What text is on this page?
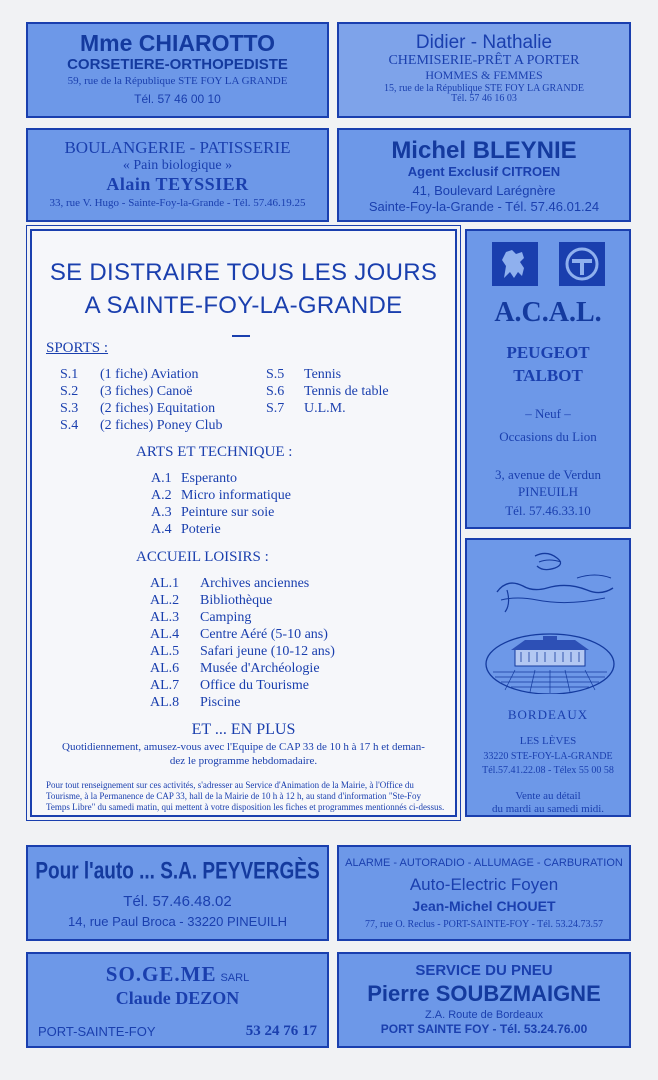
Mme CHIAROTTO
CORSETIERE-ORTHOPEDISTE
59, rue de la République STE FOY LA GRANDE
Tél. 57 46 00 10
Didier - Nathalie
CHEMISERIE-PRÊT A PORTER
HOMMES & FEMMES
15, rue de la République STE FOY LA GRANDE
Tél. 57 46 16 03
BOULANGERIE - PATISSERIE
« Pain biologique »
Alain TEYSSIER
33, rue V. Hugo - Sainte-Foy-la-Grande - Tél. 57.46.19.25
Michel BLEYNIE
Agent Exclusif CITROEN
41, Boulevard Larégnère
Sainte-Foy-la-Grande - Tél. 57.46.01.24
SE DISTRAIRE TOUS LES JOURS
A SAINTE-FOY-LA-GRANDE
SPORTS :
S.1 (1 fiche) Aviation
S.2 (3 fiches) Canoë
S.3 (2 fiches) Equitation
S.4 (2 fiches) Poney Club
S.5 Tennis
S.6 Tennis de table
S.7 U.L.M.
ARTS ET TECHNIQUE :
A.1 Esperanto
A.2 Micro informatique
A.3 Peinture sur soie
A.4 Poterie
ACCUEIL LOISIRS :
AL.1 Archives anciennes
AL.2 Bibliothèque
AL.3 Camping
AL.4 Centre Aéré (5-10 ans)
AL.5 Safari jeune (10-12 ans)
AL.6 Musée d'Archéologie
AL.7 Office du Tourisme
AL.8 Piscine
ET ... EN PLUS
Quotidiennement, amusez-vous avec l'Equipe de CAP 33 de 10 h à 17 h et deman-
dez le programme hebdomadaire.
Pour tout renseignement sur ces activités, s'adresser au Service d'Animation de la Mairie, à l'Office du
Tourisme, à la Permanence de CAP 33, hall de la Mairie de 10 h à 12 h, au stand d'information "Ste-Foy
Temps Libre" du samedi matin, qui mettent à votre disposition les fiches et programmes mentionnés ci-dessus.
A.C.A.L.
PEUGEOT
TALBOT
– Neuf –
Occasions du Lion
3, avenue de Verdun
PINEUILH
Tél. 57.46.33.10
BORDEAUX
LES LÈVES
33220 STE-FOY-LA-GRANDE
Tél.57.41.22.08 - Télex 55 00 58
Vente au détail
du mardi au samedi midi.
Pour l'auto ... S.A. PEYVERGÈS
Tél. 57.46.48.02
14, rue Paul Broca - 33220 PINEUILH
ALARME - AUTORADIO - ALLUMAGE - CARBURATION
Auto-Electric Foyen
Jean-Michel CHOUET
77, rue O. Reclus - PORT-SAINTE-FOY - Tél. 53.24.73.57
SO.GE.ME SARL
Claude DEZON
PORT-SAINTE-FOY	53 24 76 17
SERVICE DU PNEU
Pierre SOUBZMAIGNE
Z.A. Route de Bordeaux
PORT SAINTE FOY - Tél. 53.24.76.00
